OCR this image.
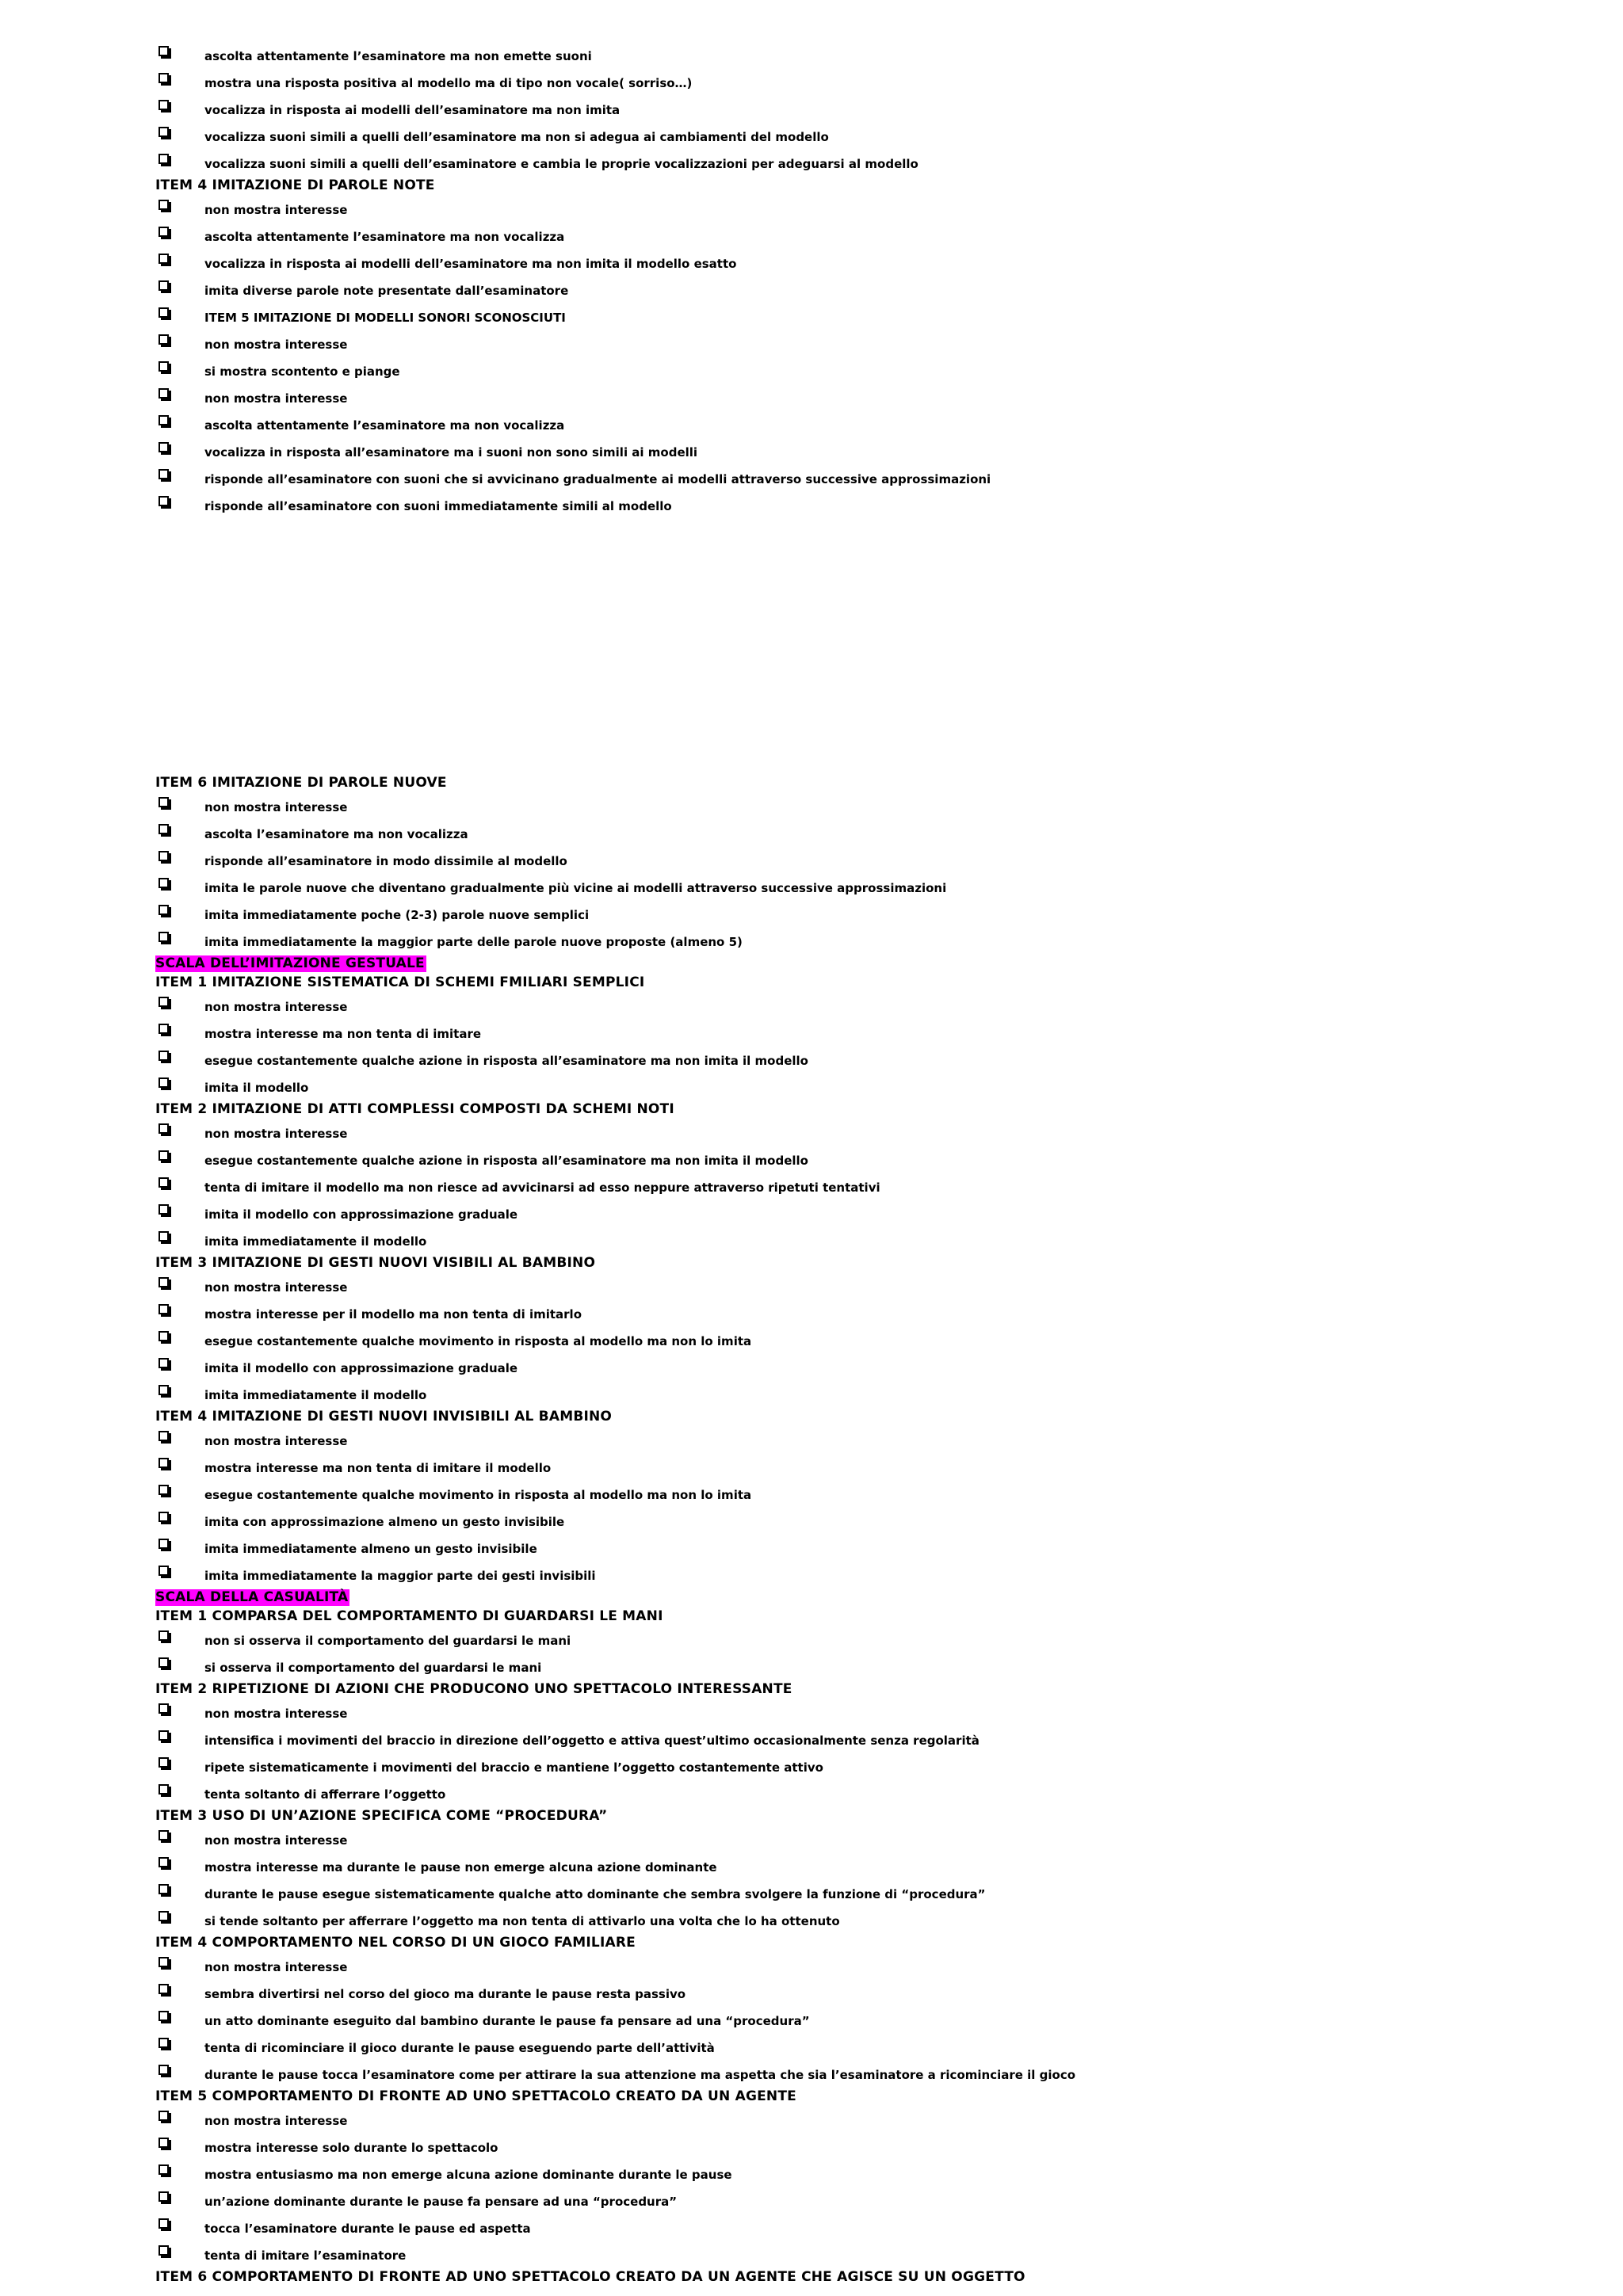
ascolta attentamente l’esaminatore ma non emette suoni
mostra una risposta positiva al modello ma di tipo non vocale( sorriso…)
vocalizza in risposta ai modelli dell’esaminatore ma non imita
vocalizza suoni simili a quelli dell’esaminatore ma non si adegua ai cambiamenti del modello
vocalizza suoni simili a quelli dell’esaminatore e cambia le proprie vocalizzazioni per adeguarsi al modello
ITEM 4 IMITAZIONE DI PAROLE NOTE
non mostra interesse
ascolta attentamente l’esaminatore ma non vocalizza
vocalizza in risposta ai modelli dell’esaminatore ma non imita il modello esatto
imita diverse parole note presentate dall’esaminatore
ITEM 5 IMITAZIONE DI MODELLI SONORI SCONOSCIUTI
non mostra interesse
si mostra scontento e piange
non mostra interesse
ascolta attentamente l’esaminatore ma non vocalizza
vocalizza in risposta all’esaminatore ma i suoni non sono simili ai modelli
risponde all’esaminatore con suoni che si avvicinano gradualmente ai modelli attraverso successive approssimazioni
risponde all’esaminatore con suoni immediatamente simili al modello
ITEM 6 IMITAZIONE DI PAROLE NUOVE
non mostra interesse
ascolta l’esaminatore ma non vocalizza
risponde all’esaminatore in modo dissimile al modello
imita le parole nuove che diventano gradualmente più vicine ai modelli attraverso successive approssimazioni
imita immediatamente poche (2-3) parole nuove semplici
imita immediatamente la maggior parte delle parole nuove proposte (almeno 5)
SCALA DELL’IMITAZIONE GESTUALE
ITEM 1 IMITAZIONE SISTEMATICA DI SCHEMI FMILIARI SEMPLICI
non mostra interesse
mostra interesse ma non tenta di imitare
esegue costantemente qualche azione in risposta all’esaminatore ma non imita il modello
imita il modello
ITEM 2 IMITAZIONE DI ATTI COMPLESSI COMPOSTI DA SCHEMI NOTI
non mostra interesse
esegue costantemente qualche azione in risposta all’esaminatore ma non imita il modello
tenta di imitare il modello ma non riesce ad avvicinarsi ad esso neppure attraverso ripetuti tentativi
imita il modello con approssimazione graduale
imita immediatamente il modello
ITEM 3 IMITAZIONE DI GESTI NUOVI VISIBILI AL BAMBINO
non mostra interesse
mostra interesse per il modello ma non tenta di imitarlo
esegue costantemente qualche movimento in risposta al modello ma non lo imita
imita il modello con approssimazione graduale
imita immediatamente il modello
ITEM 4 IMITAZIONE DI GESTI NUOVI INVISIBILI AL BAMBINO
non mostra interesse
mostra interesse ma non tenta di imitare il modello
esegue costantemente qualche movimento in risposta al modello ma non lo imita
imita con approssimazione almeno un gesto invisibile
imita immediatamente almeno un gesto invisibile
imita immediatamente la maggior parte dei gesti invisibili
SCALA DELLA CASUALITÀ
ITEM 1 COMPARSA DEL COMPORTAMENTO DI GUARDARSI LE MANI
non si osserva il comportamento del guardarsi le mani
si osserva il comportamento del guardarsi le mani
ITEM 2 RIPETIZIONE DI AZIONI CHE PRODUCONO UNO SPETTACOLO INTERESSANTE
non mostra interesse
intensifica i movimenti del braccio in direzione dell’oggetto e attiva quest’ultimo occasionalmente senza regolarità
ripete sistematicamente i movimenti del braccio e mantiene l’oggetto costantemente attivo
tenta soltanto di afferrare l’oggetto
ITEM 3 USO DI UN’AZIONE SPECIFICA COME “PROCEDURA”
non mostra interesse
mostra interesse ma durante le pause non emerge alcuna azione dominante
durante le pause esegue sistematicamente qualche atto dominante che sembra svolgere la funzione di “procedura”
si tende soltanto per afferrare l’oggetto ma non tenta di attivarlo una volta che lo ha ottenuto
ITEM 4 COMPORTAMENTO NEL CORSO DI UN GIOCO FAMILIARE
non mostra interesse
sembra divertirsi nel corso del gioco ma durante le pause resta passivo
un atto dominante eseguito dal bambino durante le pause fa pensare ad una “procedura”
tenta di ricominciare il gioco durante le pause eseguendo parte dell’attività
durante le pause tocca l’esaminatore come per attirare la sua attenzione ma aspetta che sia l’esaminatore a ricominciare il gioco
ITEM 5 COMPORTAMENTO DI FRONTE AD UNO SPETTACOLO CREATO DA UN AGENTE
non mostra interesse
mostra interesse solo durante lo spettacolo
mostra entusiasmo ma non emerge alcuna azione dominante durante le pause
un’azione dominante durante le pause fa pensare ad una “procedura”
tocca l’esaminatore durante le pause ed aspetta
tenta di imitare l’esaminatore
ITEM 6 COMPORTAMENTO DI FRONTE AD UNO SPETTACOLO CREATO DA UN AGENTE CHE AGISCE SU UN OGGETTO
